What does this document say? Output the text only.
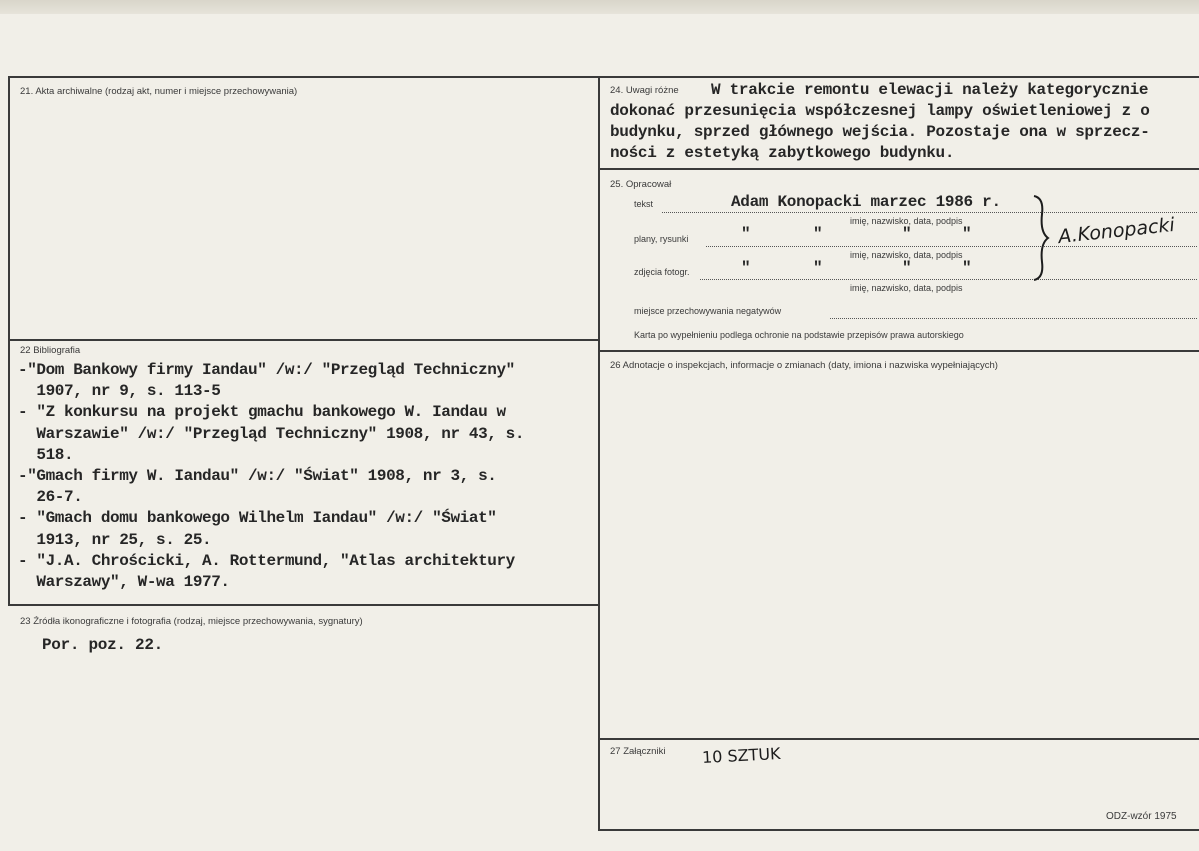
21. Akta archiwalne (rodzaj akt, numer i miejsce przechowywania)
22 Bibliografia
-"Dom Bankowy firmy Iandau" /w:/ "Przegląd Techniczny"
1907, nr 9, s. 113-5
- "Z konkursu na projekt gmachu bankowego W. Iandau w
Warszawie" /w:/ "Przegląd Techniczny" 1908, nr 43, s.
518.
-"Gmach firmy W. Iandau" /w:/ "Świat" 1908, nr 3, s.
26-7.
- "Gmach domu bankowego Wilhelm Iandau" /w:/ "Świat"
1913, nr 25, s. 25.
- "J.A. Chrościcki, A. Rottermund, "Atlas architektury
Warszawy", W-wa 1977.
23 Źródła ikonograficzne i fotografia (rodzaj, miejsce przechowywania, sygnatury)
Por. poz. 22.
24. Uwagi różne W trakcie remontu elewacji należy kategorycznie
dokonać przesunięcia współczesnej lampy oświetleniowej z o
budynku, sprzed głównego wejścia. Pozostaje ona w sprzecz-
ności z estetyką zabytkowego budynku.
25. Opracował
tekst	Adam Konopacki marzec 1986 r.
imię, nazwisko, data, podpis
plany, rysunki	"	"	"	"
imię, nazwisko, data, podpis
zdjęcia fotogr.	"	"	"	"
imię, nazwisko, data, podpis
miejsce przechowywania negatywów
Karta po wypełnieniu podlega ochronie na podstawie przepisów prawa autorskiego
A.Konopacki
26 Adnotacje o inspekcjach, informacje o zmianach (daty, imiona i nazwiska wypełniających)
27 Załączniki 10 SZTUK
ODZ-wzór 1975
